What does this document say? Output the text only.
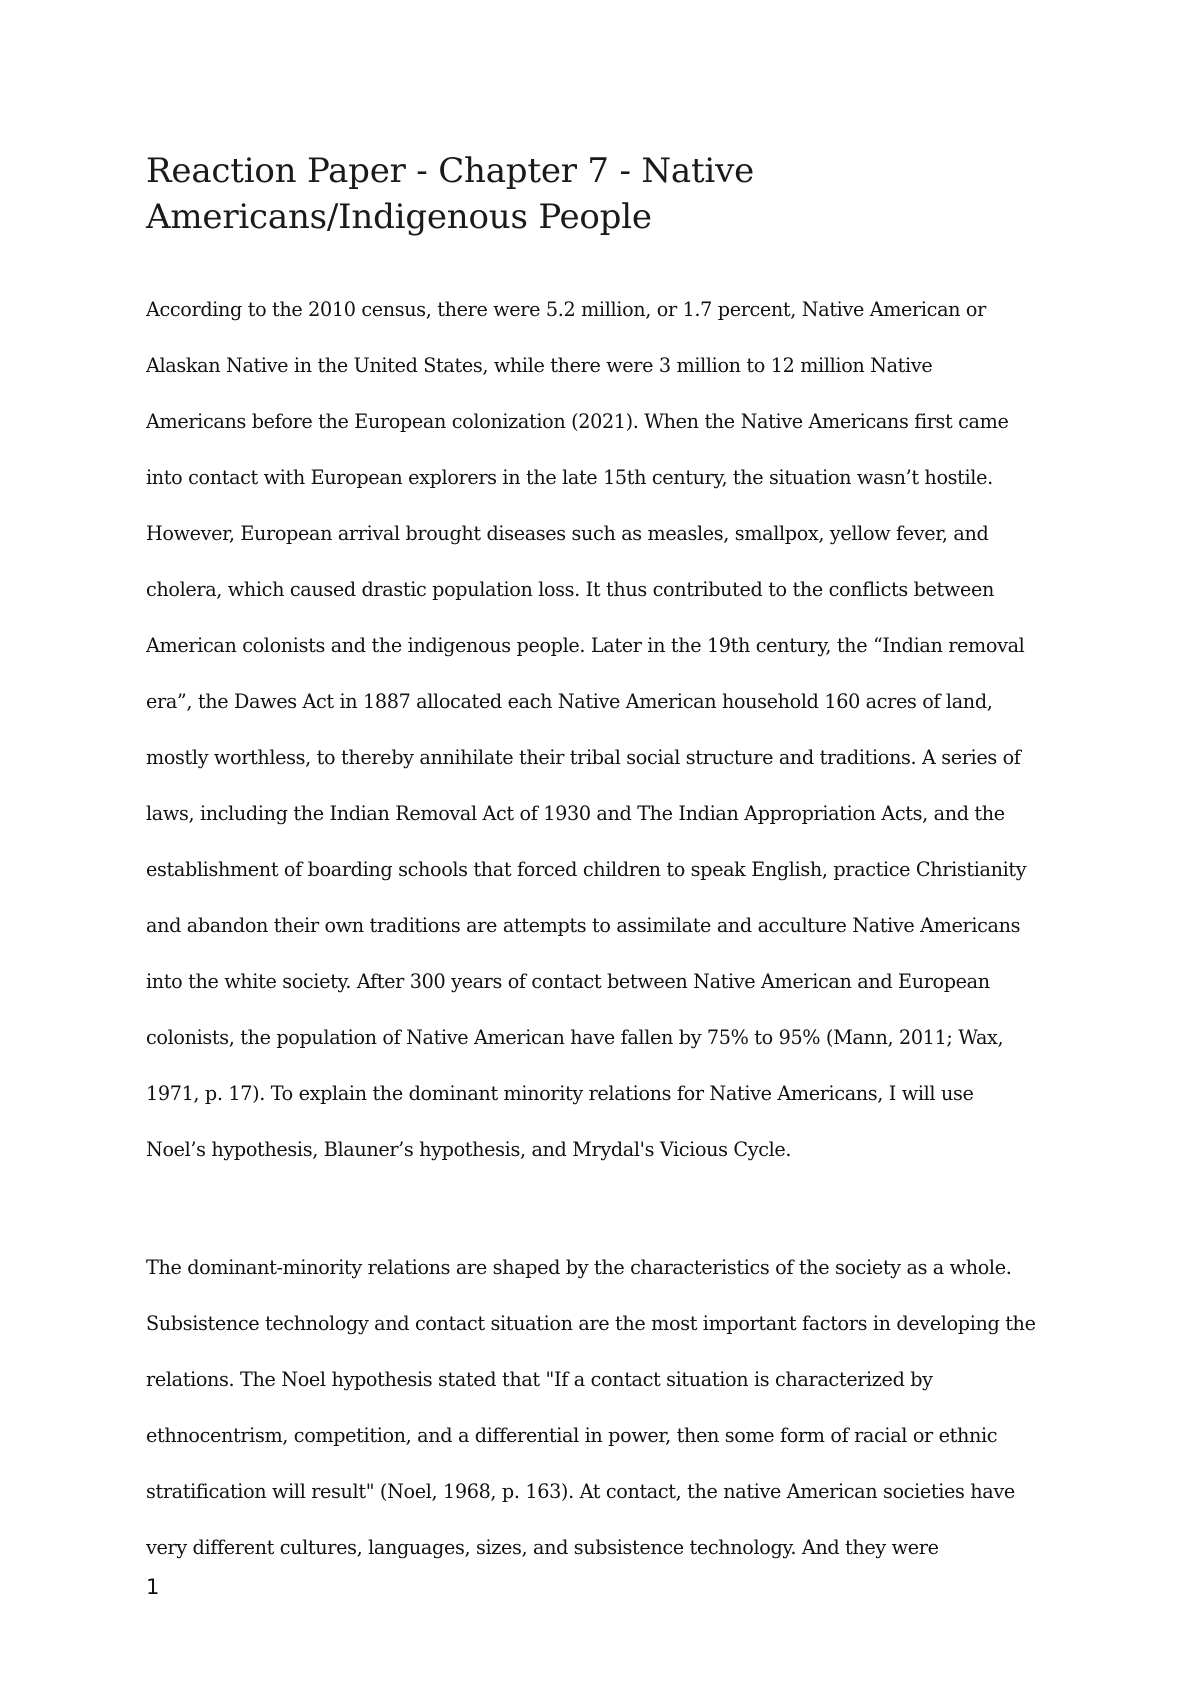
Reaction Paper - Chapter 7 - Native
Americans/Indigenous People
According to the 2010 census, there were 5.2 million, or 1.7 percent, Native American or
Alaskan Native in the United States, while there were 3 million to 12 million Native
Americans before the European colonization (2021). When the Native Americans first came
into contact with European explorers in the late 15th century, the situation wasn’t hostile.
However, European arrival brought diseases such as measles, smallpox, yellow fever, and
cholera, which caused drastic population loss. It thus contributed to the conflicts between
American colonists and the indigenous people. Later in the 19th century, the “Indian removal
era”, the Dawes Act in 1887 allocated each Native American household 160 acres of land,
mostly worthless, to thereby annihilate their tribal social structure and traditions. A series of
laws, including the Indian Removal Act of 1930 and The Indian Appropriation Acts, and the
establishment of boarding schools that forced children to speak English, practice Christianity
and abandon their own traditions are attempts to assimilate and acculture Native Americans
into the white society. After 300 years of contact between Native American and European
colonists, the population of Native American have fallen by 75% to 95% (Mann, 2011; Wax,
1971, p. 17). To explain the dominant minority relations for Native Americans, I will use
Noel’s hypothesis, Blauner’s hypothesis, and Mrydal's Vicious Cycle.
The dominant-minority relations are shaped by the characteristics of the society as a whole.
Subsistence technology and contact situation are the most important factors in developing the
relations. The Noel hypothesis stated that "If a contact situation is characterized by
ethnocentrism, competition, and a differential in power, then some form of racial or ethnic
stratification will result" (Noel, 1968, p. 163). At contact, the native American societies have
very different cultures, languages, sizes, and subsistence technology. And they were
1
